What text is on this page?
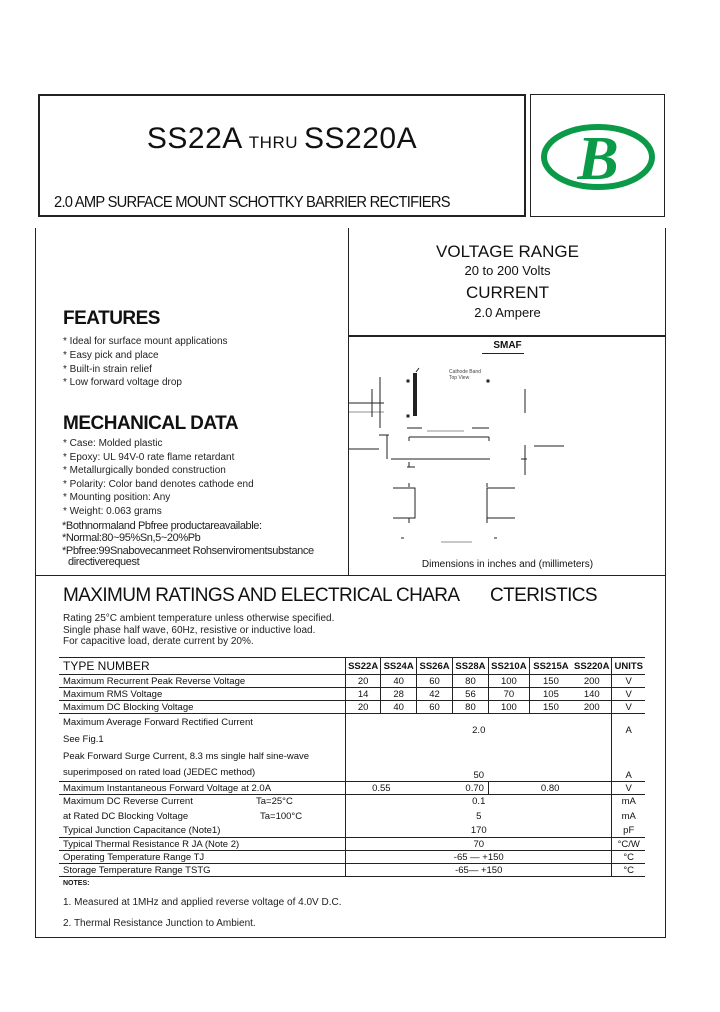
SS22A THRU SS220A
2.0 AMP SURFACE MOUNT SCHOTTKY BARRIER RECTIFIERS
B
VOLTAGE RANGE
20 to 200 Volts
CURRENT
2.0 Ampere
FEATURES
* Ideal for surface mount applications
* Easy pick and place
* Built-in strain relief
* Low forward voltage drop
MECHANICAL DATA
* Case: Molded plastic
* Epoxy: UL 94V-0 rate flame retardant
* Metallurgically bonded construction
* Polarity: Color band denotes cathode end
* Mounting position: Any
* Weight: 0.063 grams
*Bothnormaland Pbfree productareavailable:
*Normal:80~95%Sn,5~20%Pb
*Pbfree:99Snabovecanmeet Rohsenviromentsubstance
directiverequest
SMAF
Cathode Band
Top View
Dimensions in inches and (millimeters)
MAXIMUM RATINGS AND ELECTRICAL CHARA CTERISTICS
Rating 25°C ambient temperature unless otherwise specified.
Single phase half wave, 60Hz, resistive or inductive load.
For capacitive load, derate current by 20%.
TYPE NUMBER	SS22A	SS24A	SS26A	SS28A	SS210A	SS215A	SS220A	UNITS
Maximum Recurrent Peak Reverse Voltage	20	40	60	80	100	150	200	V
Maximum RMS Voltage	14	28	42	56	70	105	140	V
Maximum DC Blocking Voltage	20	40	60	80	100	150	200	V
Maximum Average Forward Rectified Current	2.0							A
See Fig.1								
Peak Forward Surge Current, 8.3 ms single half sine-wave	50							A
superimposed on rated load (JEDEC method)								
Maximum Instantaneous Forward Voltage at 2.0A	0.55		0.70		0.80			V
Maximum DC Reverse Current Ta=25°C	0.1							mA
at Rated DC Blocking Voltage Ta=100°C	5							mA
Typical Junction Capacitance (Note1)	170							pF
Typical Thermal Resistance R JA (Note 2)	70							°C/W
Operating Temperature Range TJ	-65 — +150							°C
Storage Temperature Range TSTG	-65— +150							°C
NOTES:
1. Measured at 1MHz and applied reverse voltage of 4.0V D.C.
2. Thermal Resistance Junction to Ambient.
